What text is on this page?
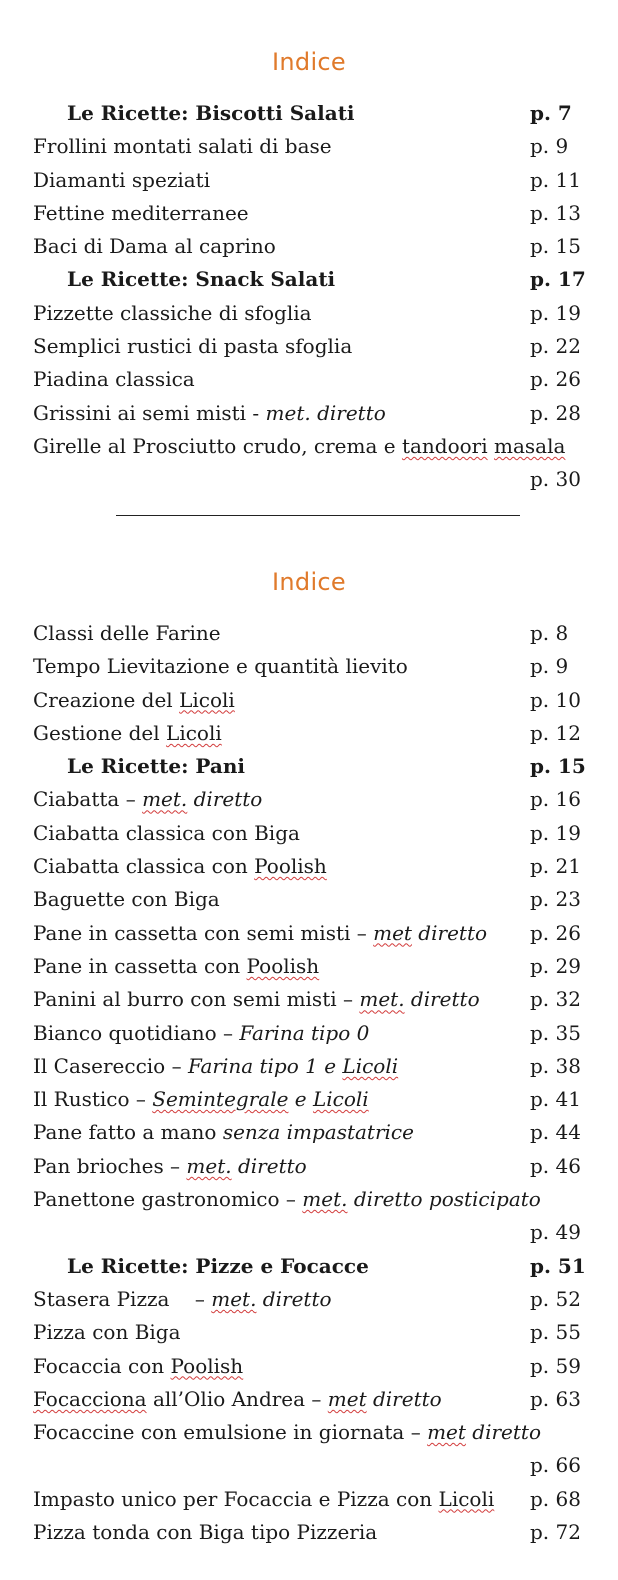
Indice
Le Ricette: Biscotti Salati	p. 7
Frollini montati salati di base	p. 9
Diamanti speziati	p. 11
Fettine mediterranee	p. 13
Baci di Dama al caprino	p. 15
Le Ricette: Snack Salati	p. 17
Pizzette classiche di sfoglia	p. 19
Semplici rustici di pasta sfoglia	p. 22
Piadina classica	p. 26
Grissini ai semi misti - met. diretto	p. 28
Girelle al Prosciutto crudo, crema e tandoori masala
p. 30
Indice
Classi delle Farine	p. 8
Tempo Lievitazione e quantità lievito	p. 9
Creazione del Licoli	p. 10
Gestione del Licoli	p. 12
Le Ricette: Pani	p. 15
Ciabatta – met. diretto	p. 16
Ciabatta classica con Biga	p. 19
Ciabatta classica con Poolish	p. 21
Baguette con Biga	p. 23
Pane in cassetta con semi misti – met diretto p. 26
Pane in cassetta con Poolish	p. 29
Panini al burro con semi misti – met. diretto	p. 32
Bianco quotidiano – Farina tipo 0	p. 35
Il Casereccio – Farina tipo 1 e Licoli	p. 38
Il Rustico – Semintegrale e Licoli	p. 41
Pane fatto a mano senza impastatrice	p. 44
Pan brioches – met. diretto	p. 46
Panettone gastronomico – met. diretto posticipato
p. 49
Le Ricette: Pizze e Focacce	p. 51
Stasera Pizza    – met. diretto	p. 52
Pizza con Biga	p. 55
Focaccia con Poolish	p. 59
Focacciona all’Olio Andrea – met diretto	p. 63
Focaccine con emulsione in giornata – met diretto
p. 66
Impasto unico per Focaccia e Pizza con Licoli p. 68
Pizza tonda con Biga tipo Pizzeria	p. 72
